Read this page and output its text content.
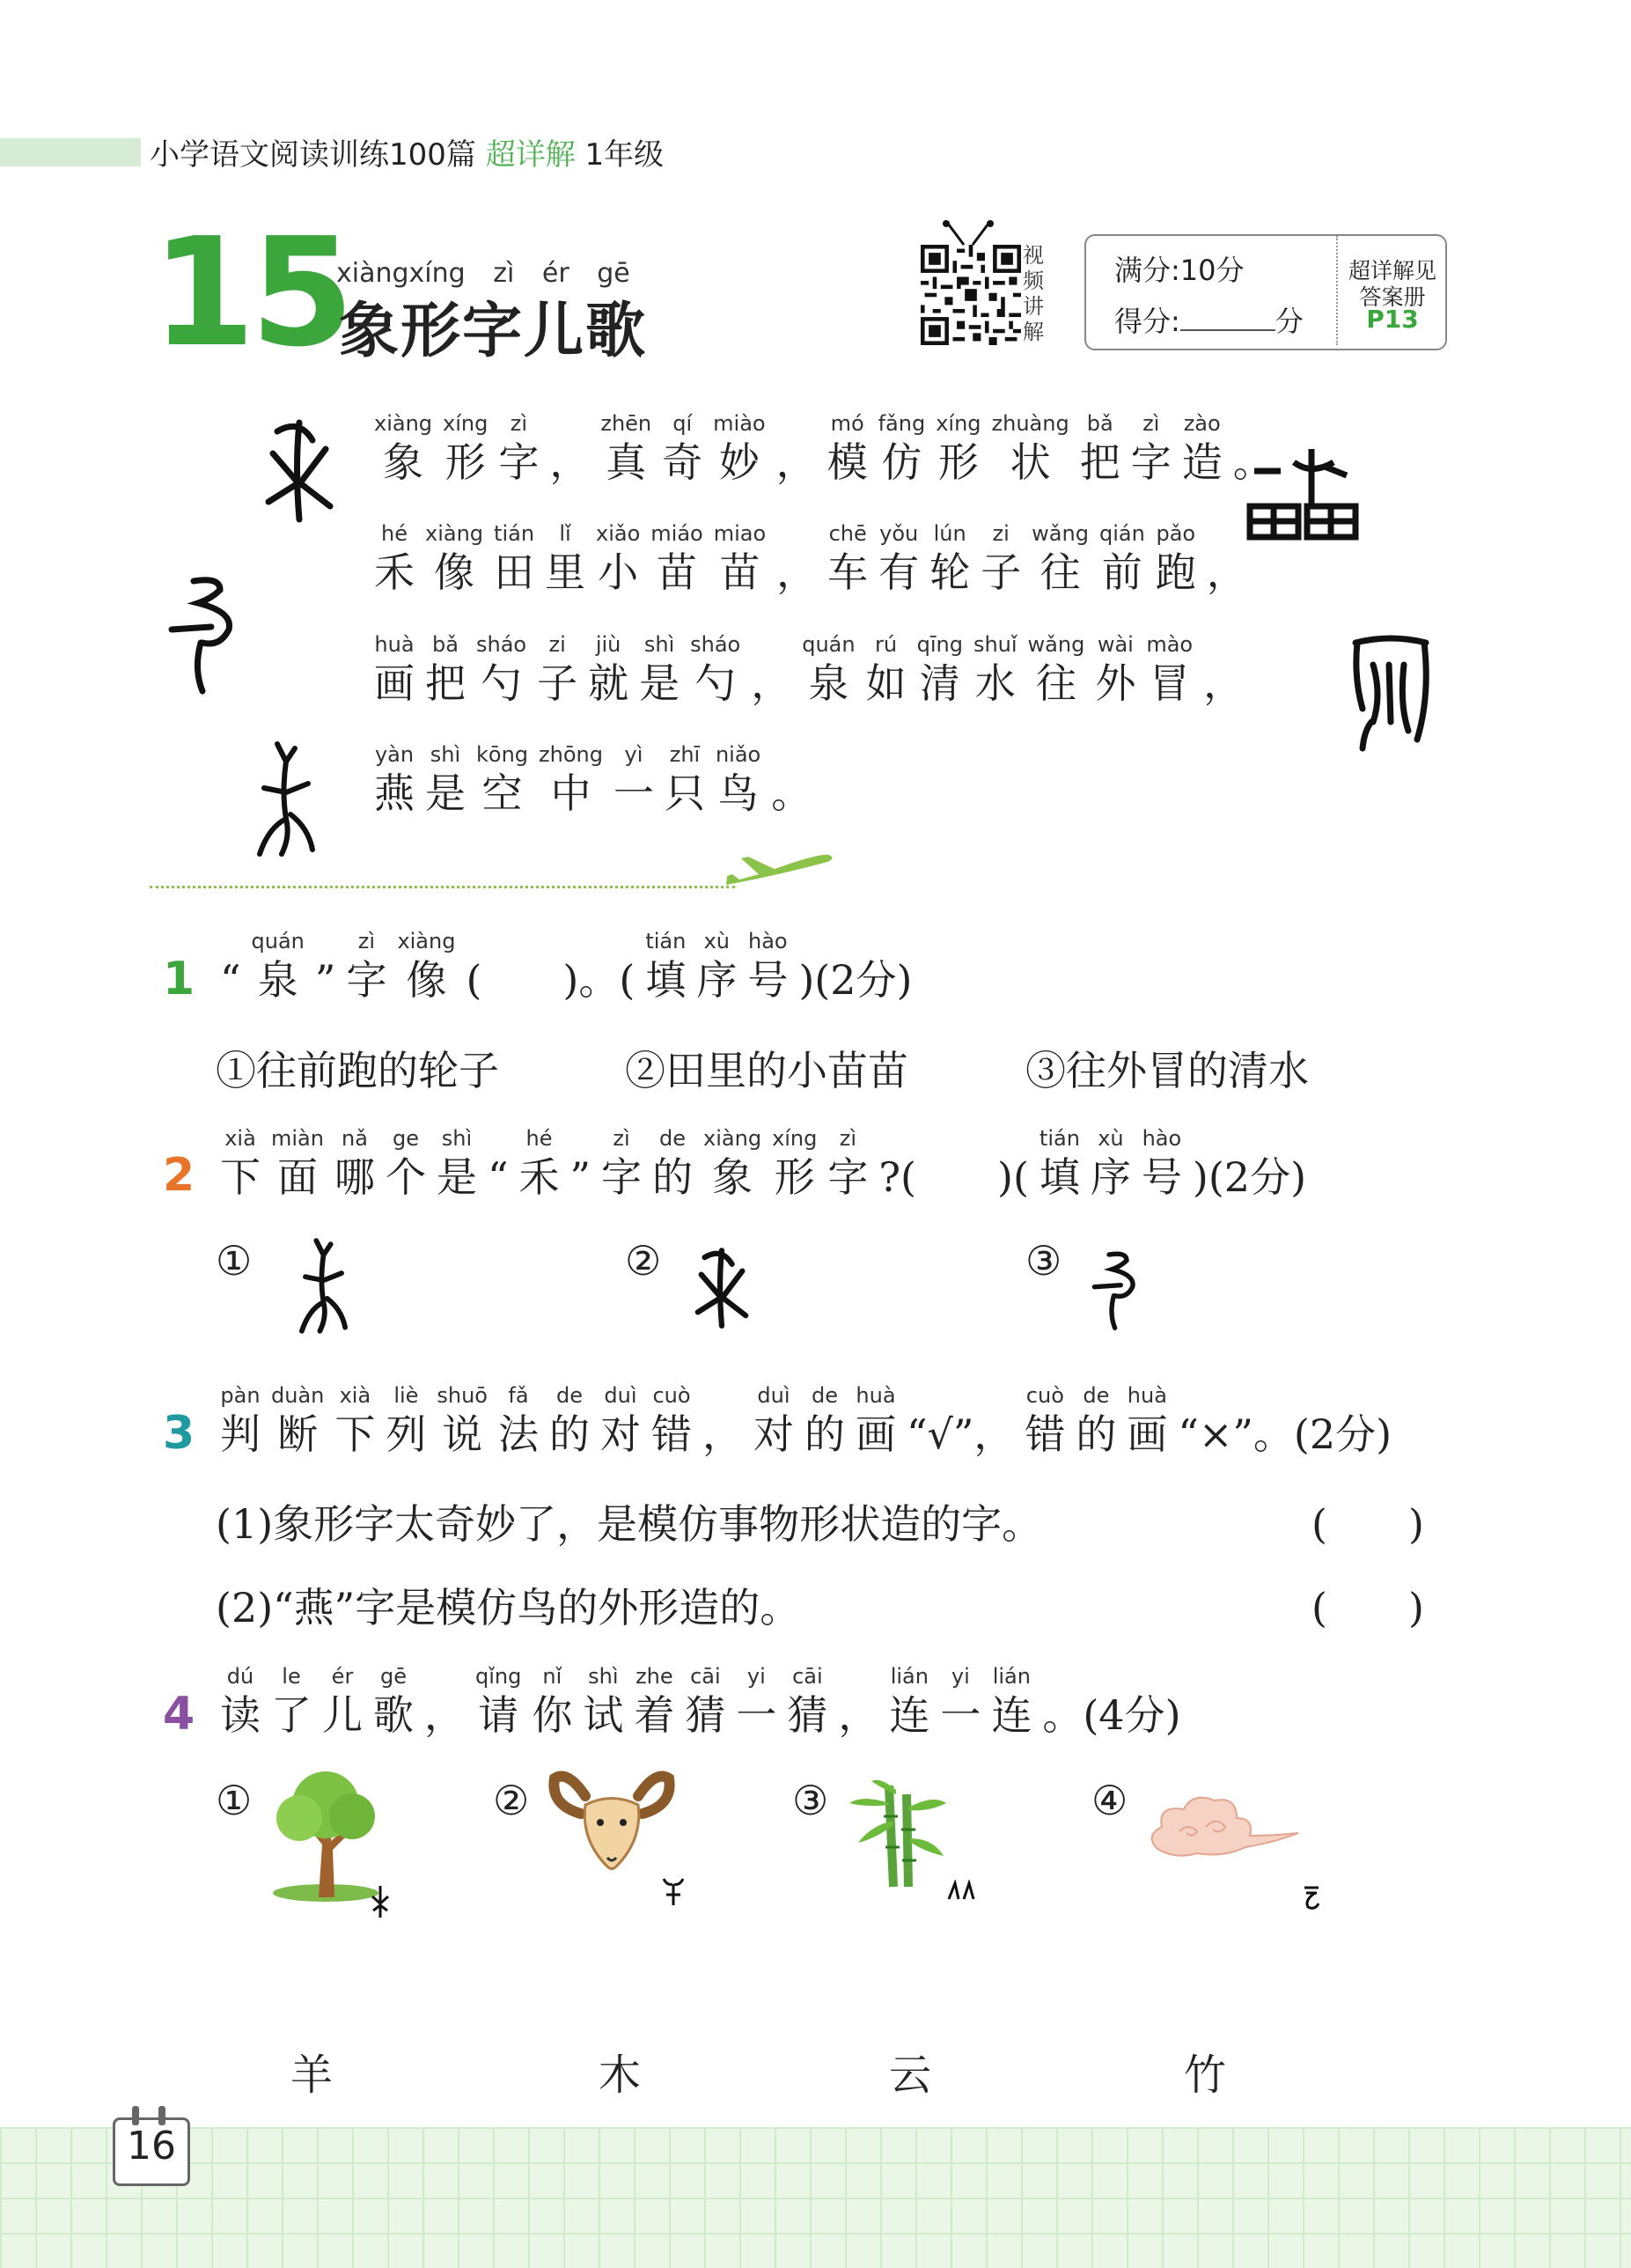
小学语文阅读训练100篇 超详解 1年级
15
xiàngxíng zì ér gē
象形字儿歌
视
频
讲
解
满分:10分
得分:	分
超详解见
答案册
P13
xiàng
象
xíng
形
zì
字 ，
zhēn
真
qí
奇
miào
妙 ，
mó
模
fǎng
仿
xíng
形
zhuàng
状
bǎ
把
zì
字
zào
造 。
hé
禾
xiàng
像
tián
田
lǐ
里
xiǎo
小
miáo
苗
miao
苗 ，
chē
车
yǒu
有
lún
轮
zi
子
wǎng
往
qián
前
pǎo
跑 ，
huà
画
bǎ
把
sháo
勺
zi
子
jiù
就
shì
是
sháo
勺 ，
quán
泉
rú
如
qīng
清
shuǐ
水
wǎng
往
wài
外
mào
冒 ，
yàn
燕
shì
是
kōng
空
zhōng
中
yì
一
zhī
只
niǎo
鸟 。
1 “
quán
泉 ”
zì
字
xiàng
像 (　　)。(
tián
填
xù
序
hào
号 )(2分)
①往前跑的轮子	②田里的小苗苗	③往外冒的清水
2
xià
下
miàn
面
nǎ
哪
ge
个
shì
是 “
hé
禾 ”
zì
字
de
的
xiàng
象
xíng
形
zì
字 ?(　　)(
tián
填
xù
序
hào
号 )(2分)
①	②	③
3
pàn
判
duàn
断
xià
下
liè
列
shuō
说
fǎ
法
de
的
duì
对
cuò
错 ，
duì
对
de
的
huà
画 “√”，
cuò
错
de
的
huà
画 “×”。(2分)
(1)象形字太奇妙了，是模仿事物形状造的字。	(　　)
(2)“燕”字是模仿鸟的外形造的。	(　　)
4
dú
读
le
了
ér
儿
gē
歌 ，
qǐng
请
nǐ
你
shì
试
zhe
着
cāi
猜
yi
一
cāi
猜 ，
lián
连
yi
一
lián
连 。(4分)
①	②	③	④
羊	木	云	竹
16
